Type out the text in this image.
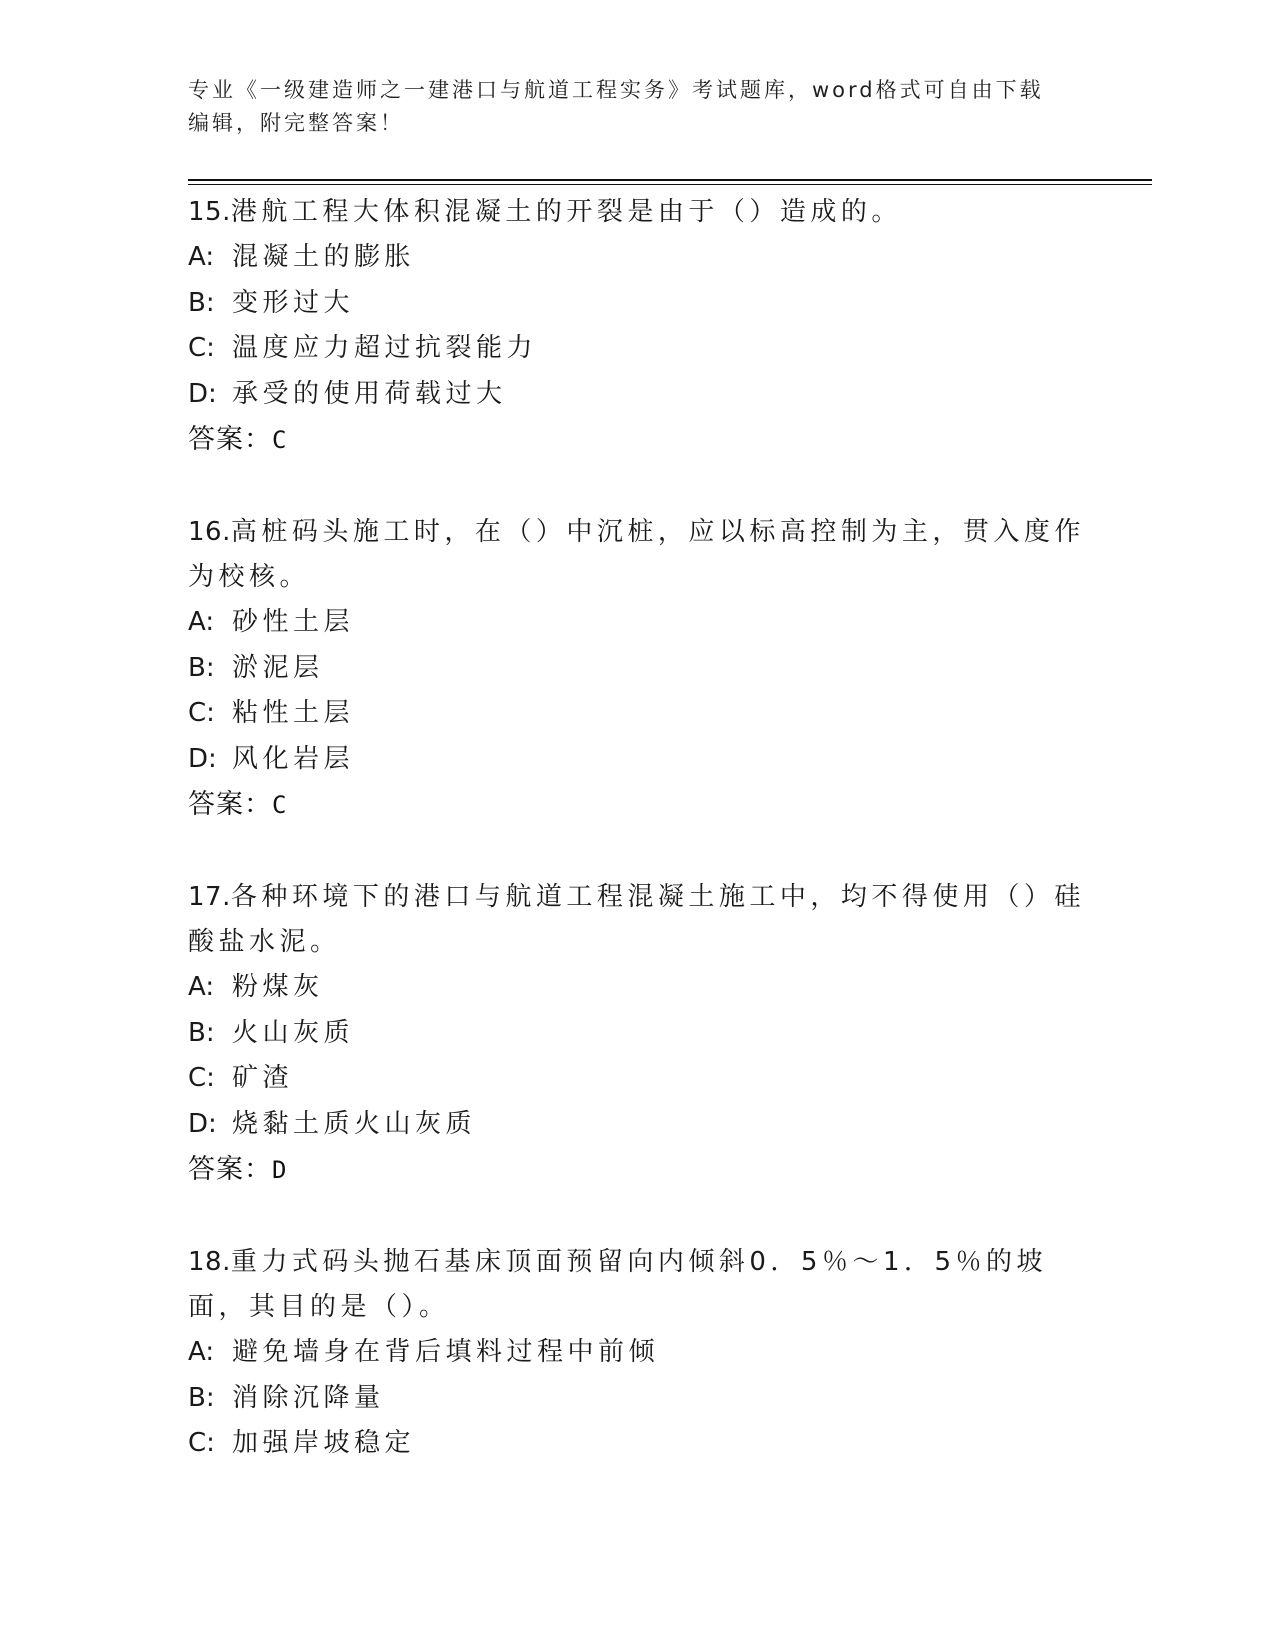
专业《一级建造师之一建港口与航道工程实务》考试题库，word格式可自由下载
编辑，附完整答案！
15.港航工程大体积混凝土的开裂是由于（）造成的。
A: 混凝土的膨胀
B: 变形过大
C: 温度应力超过抗裂能力
D: 承受的使用荷载过大
答案：C
16.高桩码头施工时，在（）中沉桩，应以标高控制为主，贯入度作为校核。
A: 砂性土层
B: 淤泥层
C: 粘性土层
D: 风化岩层
答案：C
17.各种环境下的港口与航道工程混凝土施工中，均不得使用（）硅酸盐水泥。
A: 粉煤灰
B: 火山灰质
C: 矿渣
D: 烧黏土质火山灰质
答案：D
18.重力式码头抛石基床顶面预留向内倾斜0．5％～1．5％的坡面，其目的是（）。
A: 避免墙身在背后填料过程中前倾
B: 消除沉降量
C: 加强岸坡稳定
